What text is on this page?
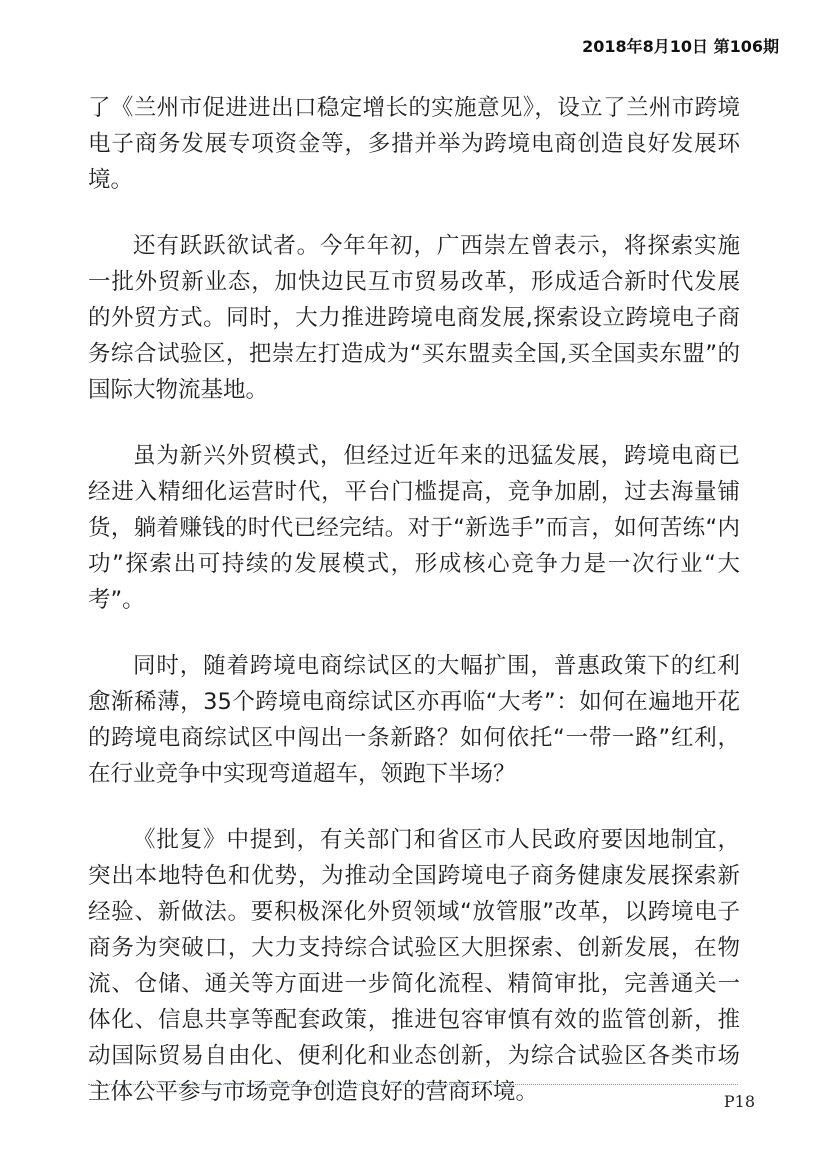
2018年8月10日 第106期

了《兰州市促进进出口稳定增长的实施意见》，设立了兰州市跨境电子商务发展专项资金等，多措并举为跨境电商创造良好发展环境。

还有跃跃欲试者。今年年初，广西崇左曾表示，将探索实施一批外贸新业态，加快边民互市贸易改革，形成适合新时代发展的外贸方式。同时，大力推进跨境电商发展,探索设立跨境电子商务综合试验区，把崇左打造成为“买东盟卖全国,买全国卖东盟”的国际大物流基地。

虽为新兴外贸模式，但经过近年来的迅猛发展，跨境电商已经进入精细化运营时代，平台门槛提高，竞争加剧，过去海量铺货，躺着赚钱的时代已经完结。对于“新选手”而言，如何苦练“内功”探索出可持续的发展模式，形成核心竞争力是一次行业“大考”。

同时，随着跨境电商综试区的大幅扩围，普惠政策下的红利愈渐稀薄，35个跨境电商综试区亦再临“大考”：如何在遍地开花的跨境电商综试区中闯出一条新路？如何依托“一带一路”红利，在行业竞争中实现弯道超车，领跑下半场？

《批复》中提到，有关部门和省区市人民政府要因地制宜，突出本地特色和优势，为推动全国跨境电子商务健康发展探索新经验、新做法。要积极深化外贸领域“放管服”改革，以跨境电子商务为突破口，大力支持综合试验区大胆探索、创新发展，在物流、仓储、通关等方面进一步简化流程、精简审批，完善通关一体化、信息共享等配套政策，推进包容审慎有效的监管创新，推动国际贸易自由化、便利化和业态创新，为综合试验区各类市场主体公平参与市场竞争创造良好的营商环境。	P18
